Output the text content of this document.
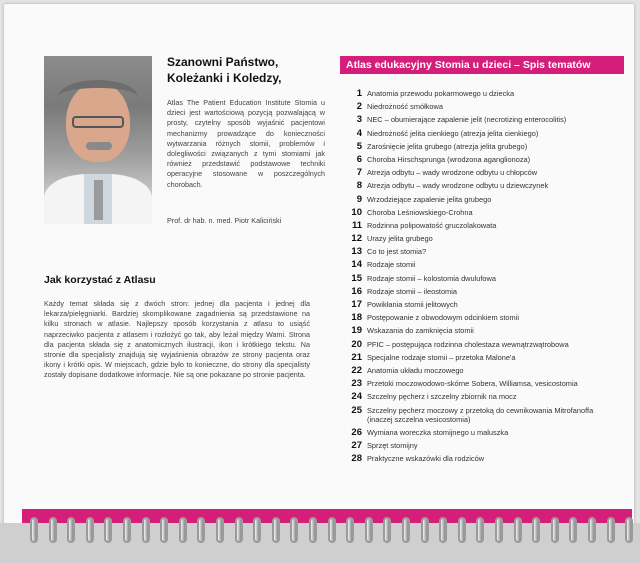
Szanowni Państwo,
Koleżanki i Koledzy,
Atlas The Patient Education Institute Stomia u dzieci jest wartościową pozycją pozwalającą w prosty, czytelny sposób wyjaśnić pacjentowi mechanizmy prowadzące do konieczności wytwarzania różnych stomii, problemów i dolegliwości związanych z tymi stomiami jak również przedstawić podstawowe techniki operacyjne stosowane w poszczególnych chorobach.
Prof. dr hab. n. med. Piotr Kaliciński
Jak korzystać z Atlasu
Każdy temat składa się z dwóch stron: jednej dla pacjenta i jednej dla lekarza/pielęgniarki. Bardziej skomplikowane zagadnienia są przedstawione na kilku stronach w atlasie. Najlepszy sposób korzystania z atlasu to usiąść naprzeciwko pacjenta z atlasem i rozłożyć go tak, aby leżał między Wami. Strona dla pacjenta składa się z anatomicznych ilustracji, ikon i krótkiego tekstu. Na stronie dla specjalisty znajdują się wyjaśnienia obrazów ze strony pacjenta oraz ikony i krótki opis. W miejscach, gdzie było to konieczne, do strony dla specjalisty zostały dopisane dodatkowe informacje. Nie są one pokazane po stronie pacjenta.
Atlas edukacyjny Stomia u dzieci – Spis tematów
1 Anatomia przewodu pokarmowego u dziecka
2 Niedrożność smółkowa
3 NEC – obumierające zapalenie jelit (necrotizing enterocolitis)
4 Niedrożność jelita cienkiego (atrezja jelita cienkiego)
5 Zarośnięcie jelita grubego (atrezja jelita grubego)
6 Choroba Hirschsprunga (wrodzona aganglionoza)
7 Atrezja odbytu – wady wrodzone odbytu u chłopców
8 Atrezja odbytu – wady wrodzone odbytu u dziewczynek
9 Wrzodziejące zapalenie jelita grubego
10 Choroba Leśniowskiego-Crohna
11 Rodzinna polipowatość gruczolakowata
12 Urazy jelita grubego
13 Co to jest stomia?
14 Rodzaje stomii
15 Rodzaje stomii – kolostomia dwulufowa
16 Rodzaje stomii – ileostomia
17 Powikłania stomii jelitowych
18 Postępowanie z obwodowym odcinkiem stomii
19 Wskazania do zamknięcia stomii
20 PFIC – postępująca rodzinna cholestaza wewnątrzwątrobowa
21 Specjalne rodzaje stomii – przetoka Malone'a
22 Anatomia układu moczowego
23 Przetoki moczowodowo-skórne Sobera, Williamsa, vesicostomia
24 Szczelny pęcherz i szczelny zbiornik na mocz
25 Szczelny pęcherz moczowy z przetoką do cewnikowania Mitrofanoffa
(inaczej szczelna vesicostomia)
26 Wymiana woreczka stomijnego u maluszka
27 Sprzęt stomijny
28 Praktyczne wskazówki dla rodziców
